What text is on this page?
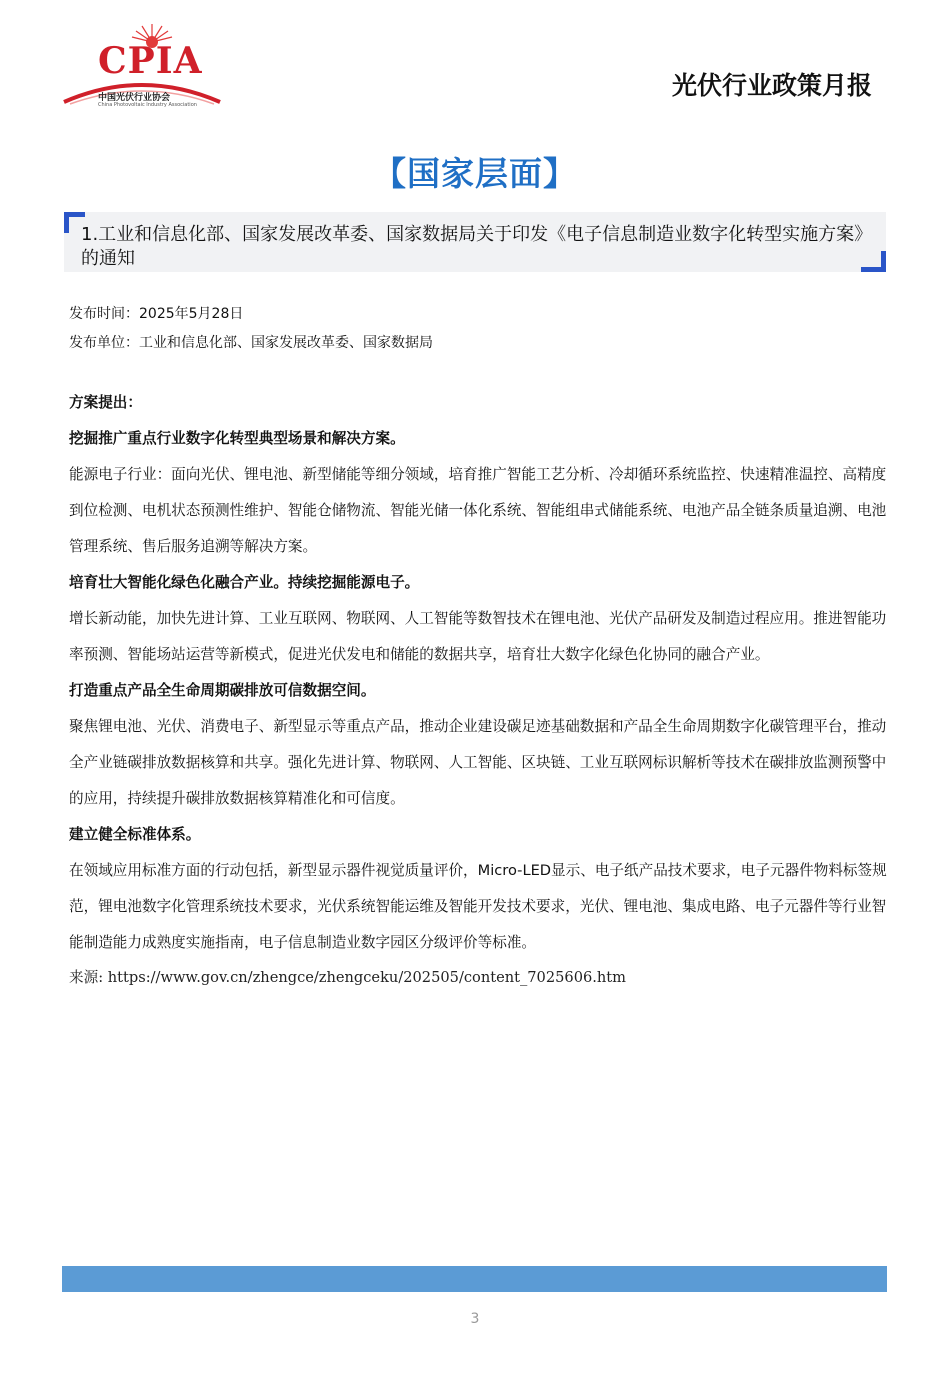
CPIA
中国光伏行业协会
China Photovoltaic Industry Association
光伏行业政策月报
【国家层面】
1.工业和信息化部、国家发展改革委、国家数据局关于印发《电子信息制造业数字化转型实施方案》的通知
发布时间：2025年5月28日
发布单位：工业和信息化部、国家发展改革委、国家数据局

方案提出：

挖掘推广重点行业数字化转型典型场景和解决方案。

能源电子行业：面向光伏、锂电池、新型储能等细分领域，培育推广智能工艺分析、冷却循环系统监控、快速精准温控、高精度到位检测、电机状态预测性维护、智能仓储物流、智能光储一体化系统、智能组串式储能系统、电池产品全链条质量追溯、电池管理系统、售后服务追溯等解决方案。

培育壮大智能化绿色化融合产业。持续挖掘能源电子。

增长新动能，加快先进计算、工业互联网、物联网、人工智能等数智技术在锂电池、光伏产品研发及制造过程应用。推进智能功率预测、智能场站运营等新模式，促进光伏发电和储能的数据共享，培育壮大数字化绿色化协同的融合产业。

打造重点产品全生命周期碳排放可信数据空间。

聚焦锂电池、光伏、消费电子、新型显示等重点产品，推动企业建设碳足迹基础数据和产品全生命周期数字化碳管理平台，推动全产业链碳排放数据核算和共享。强化先进计算、物联网、人工智能、区块链、工业互联网标识解析等技术在碳排放监测预警中的应用，持续提升碳排放数据核算精准化和可信度。

建立健全标准体系。

在领域应用标准方面的行动包括，新型显示器件视觉质量评价，Micro-LED显示、电子纸产品技术要求，电子元器件物料标签规范，锂电池数字化管理系统技术要求，光伏系统智能运维及智能开发技术要求，光伏、锂电池、集成电路、电子元器件等行业智能制造能力成熟度实施指南，电子信息制造业数字园区分级评价等标准。

来源: https://www.gov.cn/zhengce/zhengceku/202505/content_7025606.htm

3
